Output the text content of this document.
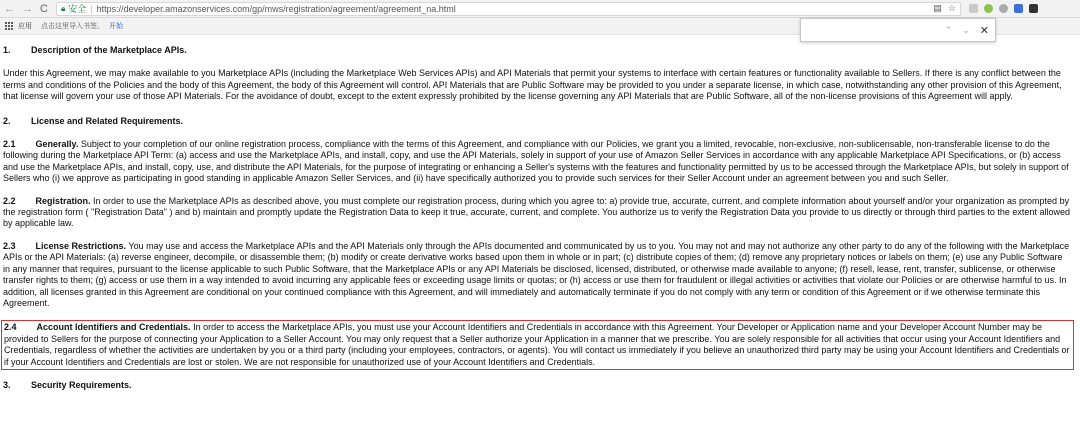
← → C 🔒︎ 安全 | https:// developer.amazonservices.com/gp/mws/registration/agreement/agreement_na.html	▤ ☆
应用 点击这里导入书签。 开始	⌃ ⌄ ✕
1.	Description of the Marketplace APIs.

Under this Agreement, we may make available to you Marketplace APIs (including the Marketplace Web Services APIs) and API Materials that permit your systems to interface with certain features or functionality available to Sellers. If there is any conflict between the terms and conditions of the Policies and the body of this Agreement, the body of this Agreement will control. API Materials that are Public Software may be provided to you under a separate license, in which case, notwithstanding any other provision of this Agreement, that license will govern your use of those API Materials. For the avoidance of doubt, except to the extent expressly prohibited by the license governing any API Materials that are Public Software, all of the non-license provisions of this Agreement will apply.

2.	License and Related Requirements.

2.1 Generally. Subject to your completion of our online registration process, compliance with the terms of this Agreement, and compliance with our Policies, we grant you a limited, revocable, non-exclusive, non-sublicensable, non-transferable license to do the following during the Marketplace API Term: (a) access and use the Marketplace APIs, and install, copy, and use the API Materials, solely in support of your use of Amazon Seller Services in accordance with any applicable Marketplace API Specifications, or (b) access and use the Marketplace APIs, and install, copy, use, and distribute the API Materials, for the purpose of integrating or enhancing a Seller's systems with the features and functionality permitted by us to be accessed through the Marketplace APIs, but solely in support of Sellers who (i) we approve as participating in good standing in applicable Amazon Seller Services, and (ii) have specifically authorized you to provide such services for their Seller Account under an agreement between you and such Seller.

2.2 Registration. In order to use the Marketplace APIs as described above, you must complete our registration process, during which you agree to: a) provide true, accurate, current, and complete information about yourself and/or your organization as prompted by the registration form ( "Registration Data" ) and b) maintain and promptly update the Registration Data to keep it true, accurate, current, and complete. You authorize us to verify the Registration Data you provide to us directly or through third parties to the extent allowed by applicable law.

2.3 License Restrictions. You may use and access the Marketplace APIs and the API Materials only through the APIs documented and communicated by us to you. You may not and may not authorize any other party to do any of the following with the Marketplace APIs or the API Materials: (a) reverse engineer, decompile, or disassemble them; (b) modify or create derivative works based upon them in whole or in part; (c) distribute copies of them; (d) remove any proprietary notices or labels on them; (e) use any Public Software in any manner that requires, pursuant to the license applicable to such Public Software, that the Marketplace APIs or any API Materials be disclosed, licensed, distributed, or otherwise made available to anyone; (f) resell, lease, rent, transfer, sublicense, or otherwise transfer rights to them; (g) access or use them in a way intended to avoid incurring any applicable fees or exceeding usage limits or quotas; or (h) access or use them for fraudulent or illegal activities or activities that violate our Policies or are otherwise harmful to us. In addition, all licenses granted in this Agreement are conditional on your continued compliance with this Agreement, and will immediately and automatically terminate if you do not comply with any term or condition of this Agreement or if we otherwise terminate this Agreement.

2.4 Account Identifiers and Credentials. In order to access the Marketplace APIs, you must use your Account Identifiers and Credentials in accordance with this Agreement. Your Developer or Application name and your Developer Account Number may be provided to Sellers for the purpose of connecting your Application to a Seller Account. You may only request that a Seller authorize your Application in a manner that we prescribe. You are solely responsible for all activities that occur using your Account Identifiers and Credentials, regardless of whether the activities are undertaken by you or a third party (including your employees, contractors, or agents). You will contact us immediately if you believe an unauthorized third party may be using your Account Identifiers and Credentials or if your Account Identifiers and Credentials are lost or stolen. We are not responsible for unauthorized use of your Account Identifiers and Credentials.
3.	Security Requirements.
